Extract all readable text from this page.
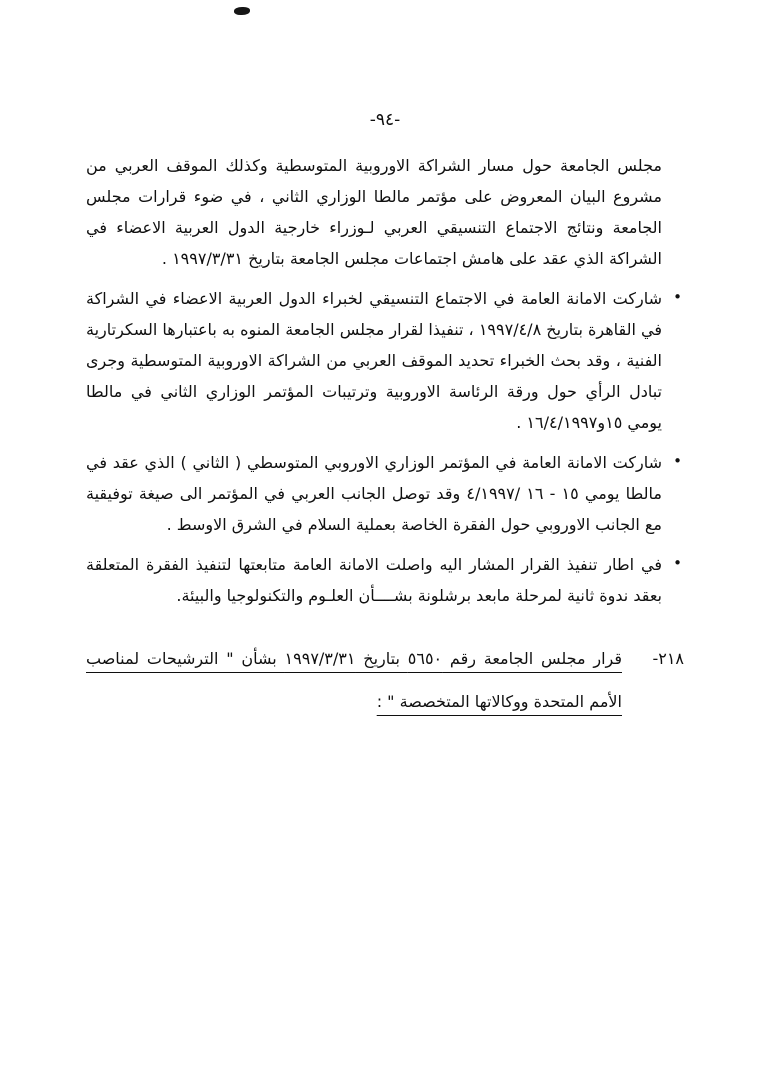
-٩٤-
مجلس الجامعة حول مسار الشراكة الاوروبية المتوسطية وكذلك الموقف العربي من مشروع البيان المعروض على مؤتمر مالطا الوزاري الثاني ، في ضوء قرارات مجلس الجامعة ونتائج الاجتماع التنسيقي العربي لـوزراء خارجية الدول العربية الاعضاء في الشراكة الذي عقد على هامش اجتماعات مجلس الجامعة بتاريخ ١٩٩٧/٣/٣١ .
•
شاركت الامانة العامة في الاجتماع التنسيقي لخبراء الدول العربية الاعضاء في الشراكة في القاهرة بتاريخ ١٩٩٧/٤/٨ ، تنفيذا لقرار مجلس الجامعة المنوه به باعتبارها السكرتارية الفنية ، وقد بحث الخبراء تحديد الموقف العربي من الشراكة الاوروبية المتوسطية وجرى تبادل الرأي حول ورقة الرئاسة الاوروبية وترتيبات المؤتمر الوزاري الثاني في مالطا يومي ١٥و١٦/٤/١٩٩٧ .
•
شاركت الامانة العامة في المؤتمر الوزاري الاوروبي المتوسطي ( الثاني ) الذي عقد في مالطا يومي ١٥ - ١٦ /٤/١٩٩٧ وقد توصل الجانب العربي في المؤتمر الى صيغة توفيقية مع الجانب الاوروبي حول الفقرة الخاصة بعملية السلام في الشرق الاوسط .
•
في اطار تنفيذ القرار المشار اليه واصلت الامانة العامة متابعتها لتنفيذ الفقرة المتعلقة بعقد ندوة ثانية لمرحلة مابعد برشلونة بشــــأن العلـوم والتكنولوجيا والبيئة.
٢١٨-
قرار مجلس الجامعة رقم ٥٦٥٠ بتاريخ ١٩٩٧/٣/٣١ بشأن " الترشيحات لمناصب الأمم المتحدة ووكالاتها المتخصصة " :
